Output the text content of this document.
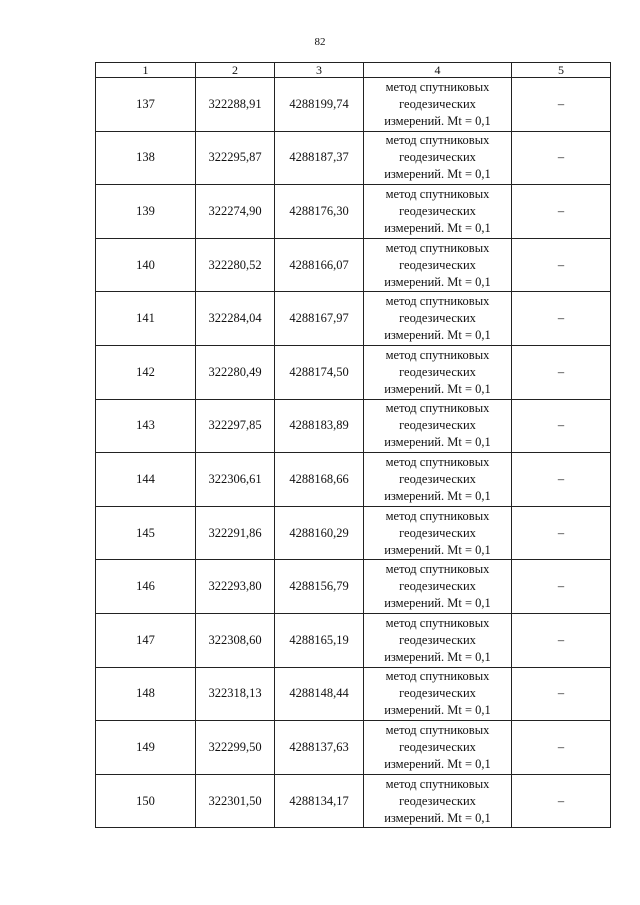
82
1	2	3	4	5
137	322288,91	4288199,74	метод спутниковых
геодезических
измерений. Mt = 0,1	–
138	322295,87	4288187,37	метод спутниковых
геодезических
измерений. Mt = 0,1	–
139	322274,90	4288176,30	метод спутниковых
геодезических
измерений. Mt = 0,1	–
140	322280,52	4288166,07	метод спутниковых
геодезических
измерений. Mt = 0,1	–
141	322284,04	4288167,97	метод спутниковых
геодезических
измерений. Mt = 0,1	–
142	322280,49	4288174,50	метод спутниковых
геодезических
измерений. Mt = 0,1	–
143	322297,85	4288183,89	метод спутниковых
геодезических
измерений. Mt = 0,1	–
144	322306,61	4288168,66	метод спутниковых
геодезических
измерений. Mt = 0,1	–
145	322291,86	4288160,29	метод спутниковых
геодезических
измерений. Mt = 0,1	–
146	322293,80	4288156,79	метод спутниковых
геодезических
измерений. Mt = 0,1	–
147	322308,60	4288165,19	метод спутниковых
геодезических
измерений. Mt = 0,1	–
148	322318,13	4288148,44	метод спутниковых
геодезических
измерений. Mt = 0,1	–
149	322299,50	4288137,63	метод спутниковых
геодезических
измерений. Mt = 0,1	–
150	322301,50	4288134,17	метод спутниковых
геодезических
измерений. Mt = 0,1	–
